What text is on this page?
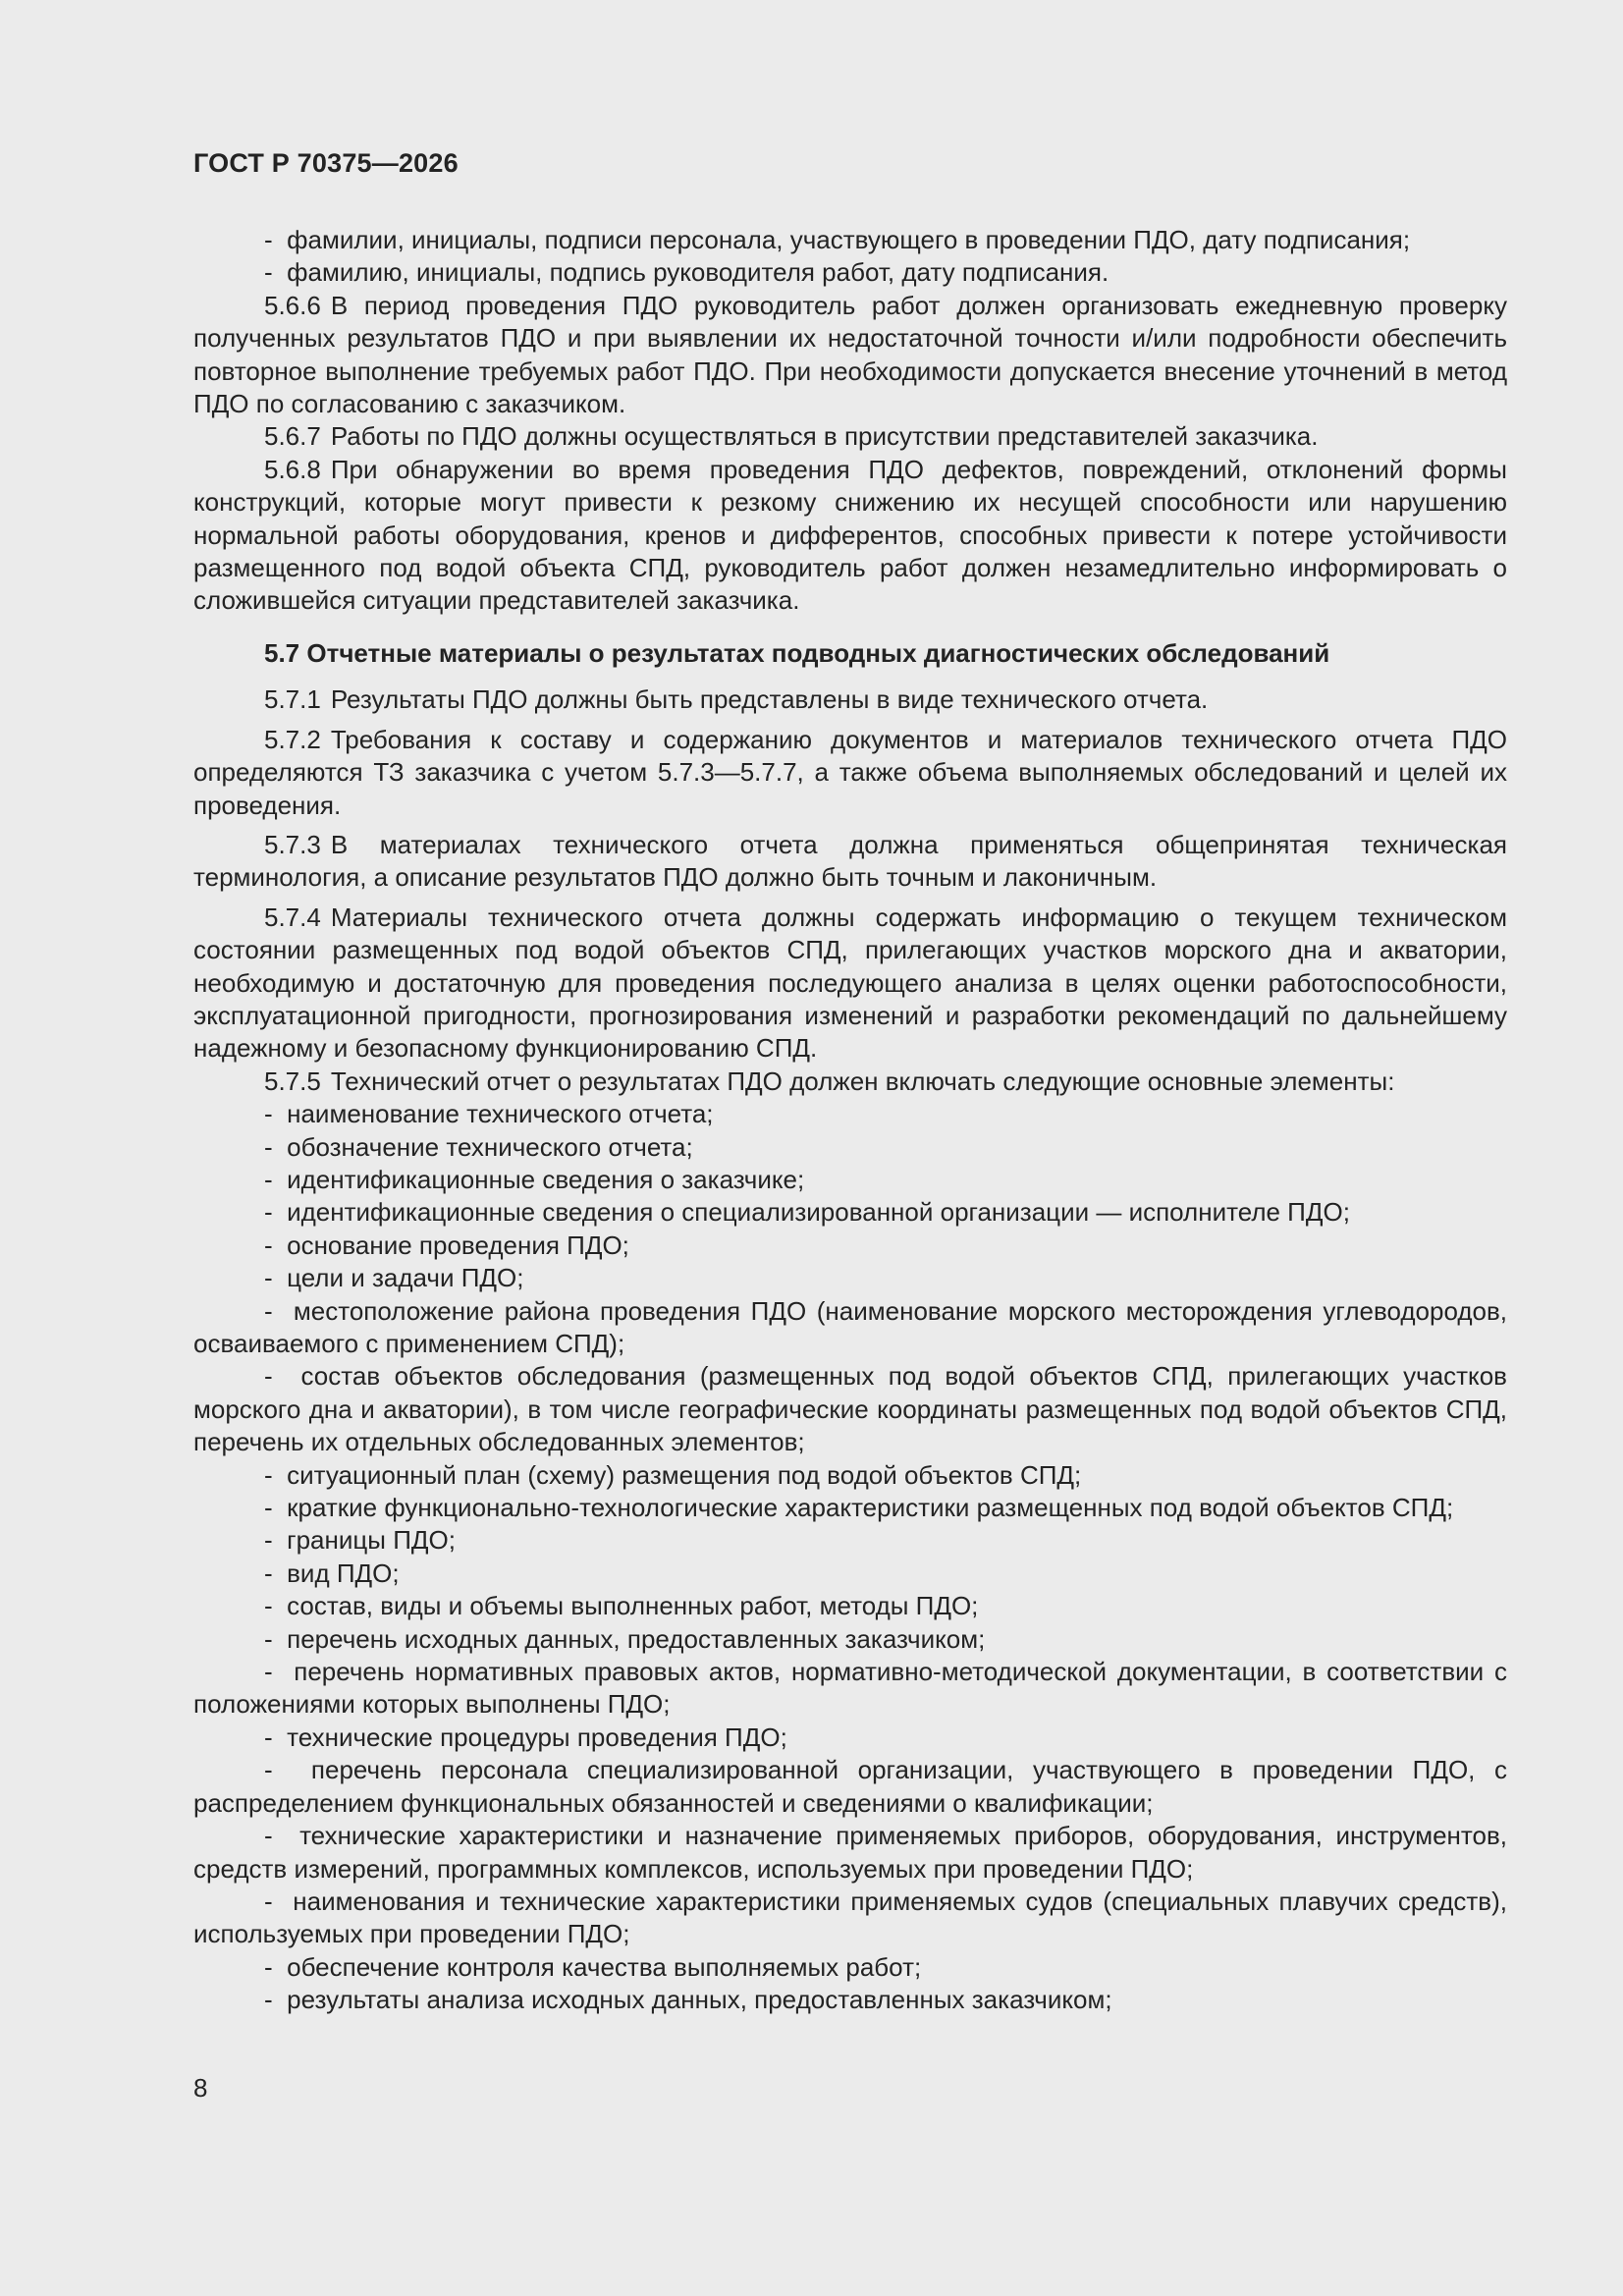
ГОСТ Р 70375—2026

-  фамилии, инициалы, подписи персонала, участвующего в проведении ПДО, дату подписания;

-  фамилию, инициалы, подпись руководителя работ, дату подписания.

5.6.6 В период проведения ПДО руководитель работ должен организовать ежедневную проверку полученных результатов ПДО и при выявлении их недостаточной точности и/или подробности обеспечить повторное выполнение требуемых работ ПДО. При необходимости допускается внесение уточнений в метод ПДО по согласованию с заказчиком.

5.6.7 Работы по ПДО должны осуществляться в присутствии представителей заказчика.

5.6.8 При обнаружении во время проведения ПДО дефектов, повреждений, отклонений формы конструкций, которые могут привести к резкому снижению их несущей способности или нарушению нормальной работы оборудования, кренов и дифферентов, способных привести к потере устойчивости размещенного под водой объекта СПД, руководитель работ должен незамедлительно информировать о сложившейся ситуации представителей заказчика.

5.7 Отчетные материалы о результатах подводных диагностических обследований

5.7.1 Результаты ПДО должны быть представлены в виде технического отчета.

5.7.2 Требования к составу и содержанию документов и материалов технического отчета ПДО определяются ТЗ заказчика с учетом 5.7.3—5.7.7, а также объема выполняемых обследований и целей их проведения.

5.7.3 В материалах технического отчета должна применяться общепринятая техническая терминология, а описание результатов ПДО должно быть точным и лаконичным.

5.7.4 Материалы технического отчета должны содержать информацию о текущем техническом состоянии размещенных под водой объектов СПД, прилегающих участков морского дна и акватории, необходимую и достаточную для проведения последующего анализа в целях оценки работоспособности, эксплуатационной пригодности, прогнозирования изменений и разработки рекомендаций по дальнейшему надежному и безопасному функционированию СПД.

5.7.5 Технический отчет о результатах ПДО должен включать следующие основные элементы:

-  наименование технического отчета;

-  обозначение технического отчета;

-  идентификационные сведения о заказчике;

-  идентификационные сведения о специализированной организации — исполнителе ПДО;

-  основание проведения ПДО;

-  цели и задачи ПДО;

-  местоположение района проведения ПДО (наименование морского месторождения углеводородов, осваиваемого с применением СПД);

-  состав объектов обследования (размещенных под водой объектов СПД, прилегающих участков морского дна и акватории), в том числе географические координаты размещенных под водой объектов СПД, перечень их отдельных обследованных элементов;

-  ситуационный план (схему) размещения под водой объектов СПД;

-  краткие функционально-технологические характеристики размещенных под водой объектов СПД;

-  границы ПДО;

-  вид ПДО;

-  состав, виды и объемы выполненных работ, методы ПДО;

-  перечень исходных данных, предоставленных заказчиком;

-  перечень нормативных правовых актов, нормативно-методической документации, в соответствии с положениями которых выполнены ПДО;

-  технические процедуры проведения ПДО;

-  перечень персонала специализированной организации, участвующего в проведении ПДО, с распределением функциональных обязанностей и сведениями о квалификации;

-  технические характеристики и назначение применяемых приборов, оборудования, инструментов, средств измерений, программных комплексов, используемых при проведении ПДО;

-  наименования и технические характеристики применяемых судов (специальных плавучих средств), используемых при проведении ПДО;

-  обеспечение контроля качества выполняемых работ;

-  результаты анализа исходных данных, предоставленных заказчиком;

8
